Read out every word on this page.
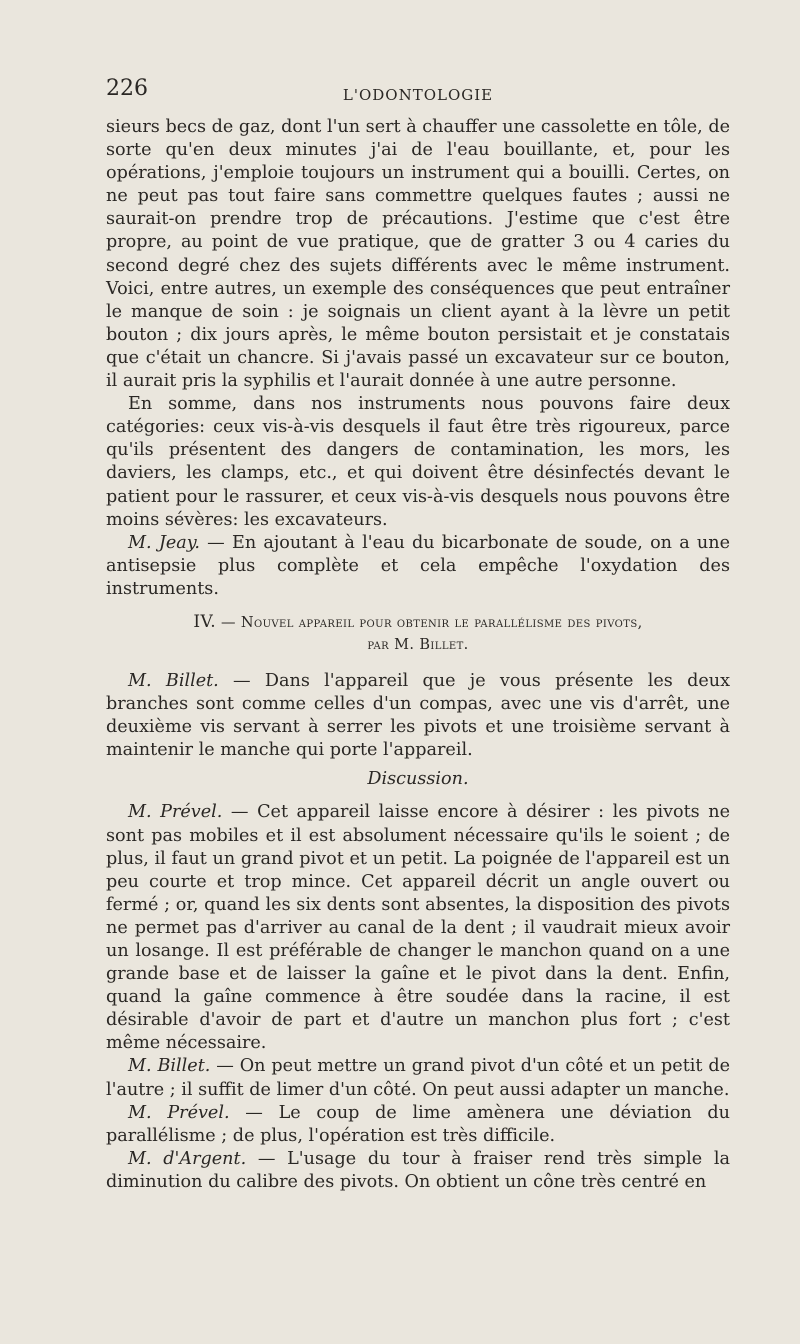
226	L'ODONTOLOGIE

sieurs becs de gaz, dont l'un sert à chauffer une cassolette en tôle, de sorte qu'en deux minutes j'ai de l'eau bouillante, et, pour les opérations, j'emploie toujours un instrument qui a bouilli. Certes, on ne peut pas tout faire sans commettre quelques fautes ; aussi ne saurait-on prendre trop de précautions. J'estime que c'est être propre, au point de vue pratique, que de gratter 3 ou 4 caries du second degré chez des sujets différents avec le même instrument. Voici, entre autres, un exemple des conséquences que peut entraîner le manque de soin : je soignais un client ayant à la lèvre un petit bouton ; dix jours après, le même bouton persistait et je constatais que c'était un chancre. Si j'avais passé un excavateur sur ce bouton, il aurait pris la syphilis et l'aurait donnée à une autre personne.

En somme, dans nos instruments nous pouvons faire deux catégories: ceux vis-à-vis desquels il faut être très rigoureux, parce qu'ils présentent des dangers de contamination, les mors, les daviers, les clamps, etc., et qui doivent être désinfectés devant le patient pour le rassurer, et ceux vis-à-vis desquels nous pouvons être moins sévères: les excavateurs.

M. Jeay. — En ajoutant à l'eau du bicarbonate de soude, on a une antisepsie plus complète et cela empêche l'oxydation des instruments.

IV. — Nouvel appareil pour obtenir le parallélisme des pivots,
par M. Billet.

M. Billet. — Dans l'appareil que je vous présente les deux branches sont comme celles d'un compas, avec une vis d'arrêt, une deuxième vis servant à serrer les pivots et une troisième servant à maintenir le manche qui porte l'appareil.

Discussion.

M. Prével. — Cet appareil laisse encore à désirer : les pivots ne sont pas mobiles et il est absolument nécessaire qu'ils le soient ; de plus, il faut un grand pivot et un petit. La poignée de l'appareil est un peu courte et trop mince. Cet appareil décrit un angle ouvert ou fermé ; or, quand les six dents sont absentes, la disposition des pivots ne permet pas d'arriver au canal de la dent ; il vaudrait mieux avoir un losange. Il est préférable de changer le manchon quand on a une grande base et de laisser la gaîne et le pivot dans la dent. Enfin, quand la gaîne commence à être soudée dans la racine, il est désirable d'avoir de part et d'autre un manchon plus fort ; c'est même nécessaire.

M. Billet. — On peut mettre un grand pivot d'un côté et un petit de l'autre ; il suffit de limer d'un côté. On peut aussi adapter un manche.

M. Prével. — Le coup de lime amènera une déviation du parallélisme ; de plus, l'opération est très difficile.

M. d'Argent. — L'usage du tour à fraiser rend très simple la diminution du calibre des pivots. On obtient un cône très centré en
